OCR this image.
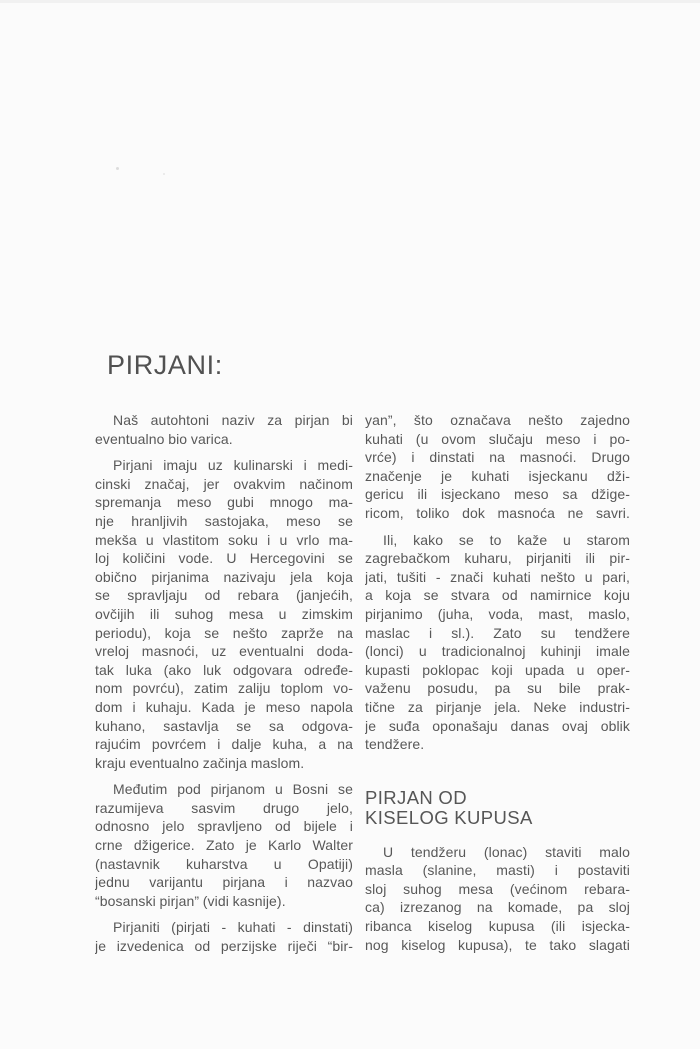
PIRJANI:
Naš autohtoni naziv za pirjan bi
eventualno bio varica.
Pirjani imaju uz kulinarski i medi-
cinski značaj, jer ovakvim načinom
spremanja meso gubi mnogo ma-
nje hranljivih sastojaka, meso se
mekša u vlastitom soku i u vrlo ma-
loj količini vode. U Hercegovini se
obično pirjanima nazivaju jela koja
se spravljaju od rebara (janjećih,
ovčijih ili suhog mesa u zimskim
periodu), koja se nešto zaprže na
vreloj masnoći, uz eventualni doda-
tak luka (ako luk odgovara određe-
nom povrću), zatim zaliju toplom vo-
dom i kuhaju. Kada je meso napola
kuhano, sastavlja se sa odgova-
rajućim povrćem i dalje kuha, a na
kraju eventualno začinja maslom.
Međutim pod pirjanom u Bosni se
razumijeva sasvim drugo jelo,
odnosno jelo spravljeno od bijele i
crne džigerice. Zato je Karlo Walter
(nastavnik kuharstva u Opatiji)
jednu varijantu pirjana i nazvao
“bosanski pirjan” (vidi kasnije).
Pirjaniti (pirjati - kuhati - dinstati)
je izvedenica od perzijske riječi “bir-
yan”, što označava nešto zajedno
kuhati (u ovom slučaju meso i po-
vrće) i dinstati na masnoći. Drugo
značenje je kuhati isjeckanu dži-
gericu ili isjeckano meso sa džige-
ricom, toliko dok masnoća ne savri.
Ili, kako se to kaže u starom
zagrebačkom kuharu, pirjaniti ili pir-
jati, tušiti - znači kuhati nešto u pari,
a koja se stvara od namirnice koju
pirjanimo (juha, voda, mast, maslo,
maslac i sl.). Zato su tendžere
(lonci) u tradicionalnoj kuhinji imale
kupasti poklopac koji upada u oper-
važenu posudu, pa su bile prak-
tične za pirjanje jela. Neke industri-
je suđa oponašaju danas ovaj oblik
tendžere.
PIRJAN OD
KISELOG KUPUSA
U tendžeru (lonac) staviti malo
masla (slanine, masti) i postaviti
sloj suhog mesa (većinom rebara-
ca) izrezanog na komade, pa sloj
ribanca kiselog kupusa (ili isjecka-
nog kiselog kupusa), te tako slagati
